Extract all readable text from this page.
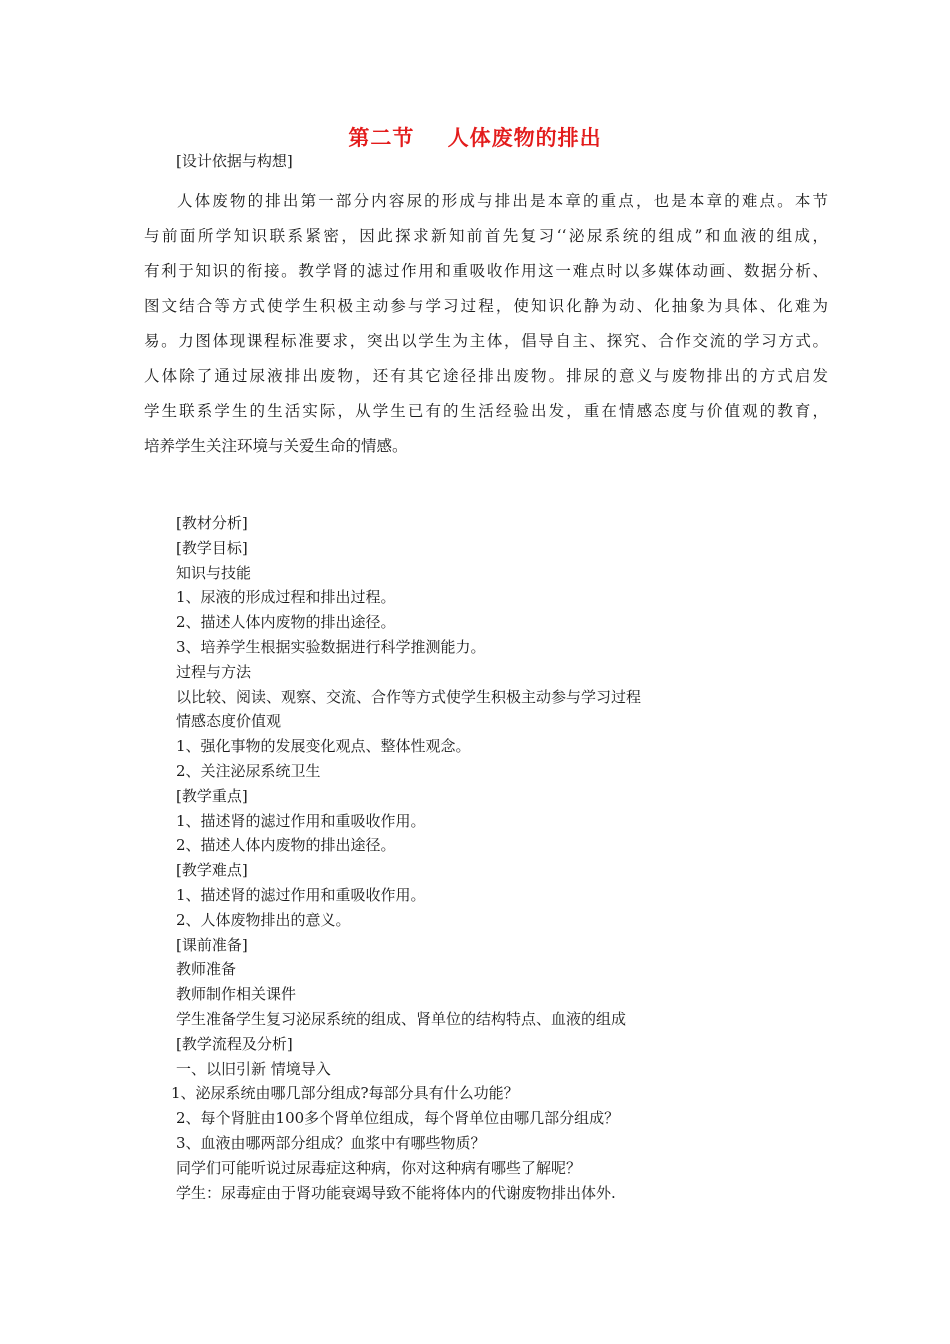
第二节    人体废物的排出
[设计依据与构想]
人体废物的排出第一部分内容尿的形成与排出是本章的重点，也是本章的难点。本节
与前面所学知识联系紧密，因此探求新知前首先复习‘‘泌尿系统的组成”和血液的组成，
有利于知识的衔接。教学肾的滤过作用和重吸收作用这一难点时以多媒体动画、数据分析、
图文结合等方式使学生积极主动参与学习过程，使知识化静为动、化抽象为具体、化难为
易。力图体现课程标准要求，突出以学生为主体，倡导自主、探究、合作交流的学习方式。
人体除了通过尿液排出废物，还有其它途径排出废物。排尿的意义与废物排出的方式启发
学生联系学生的生活实际，从学生已有的生活经验出发，重在情感态度与价值观的教育，
培养学生关注环境与关爱生命的情感。
[教材分析]
[教学目标]
知识与技能
1、尿液的形成过程和排出过程。
2、描述人体内废物的排出途径。
3、培养学生根据实验数据进行科学推测能力。
过程与方法
以比较、阅读、观察、交流、合作等方式使学生积极主动参与学习过程
情感态度价值观
1、强化事物的发展变化观点、整体性观念。
2、关注泌尿系统卫生
[教学重点]
1、描述肾的滤过作用和重吸收作用。
2、描述人体内废物的排出途径。
[教学难点]
1、描述肾的滤过作用和重吸收作用。
2、人体废物排出的意义。
[课前准备]
教师准备
教师制作相关课件
学生准备学生复习泌尿系统的组成、肾单位的结构特点、血液的组成
[教学流程及分析]
一、以旧引新 情境导入
1、泌尿系统由哪几部分组成?每部分具有什么功能？
2、每个肾脏由100多个肾单位组成，每个肾单位由哪几部分组成？
3、血液由哪两部分组成？血浆中有哪些物质？
同学们可能听说过尿毒症这种病，你对这种病有哪些了解呢？
学生：尿毒症由于肾功能衰竭导致不能将体内的代谢废物排出体外.
